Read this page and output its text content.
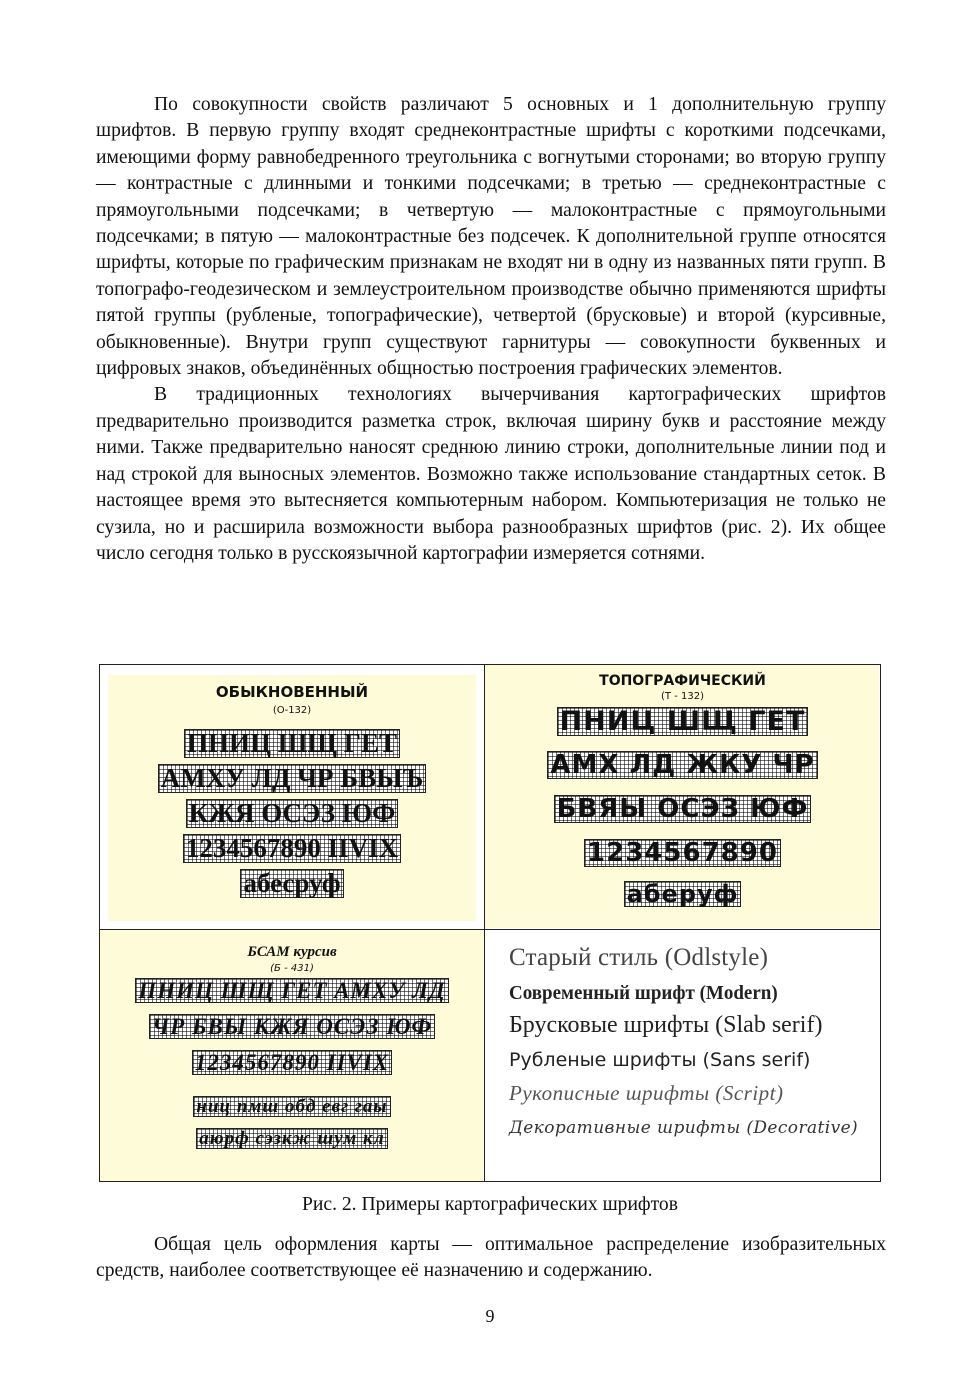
По совокупности свойств различают 5 основных и 1 дополнительную группу шрифтов. В первую группу входят среднеконтрастные шрифты с короткими подсечками, имеющими форму равнобедренного треугольника с вогнутыми сторонами; во вторую группу — контрастные с длинными и тонкими подсечками; в третью — среднеконтрастные с прямоугольными подсечками; в четвертую — малоконтрастные с прямоугольными подсечками; в пятую — малоконтрастные без подсечек. К дополнительной группе относятся шрифты, которые по графическим признакам не входят ни в одну из названных пяти групп. В топографо-геодезическом и землеустроительном производстве обычно применяются шрифты пятой группы (рубленые, топографические), четвертой (брусковые) и второй (курсивные, обыкновенные). Внутри групп существуют гарнитуры — совокупности буквенных и цифровых знаков, объединённых общностью построения графических элементов.

В традиционных технологиях вычерчивания картографических шрифтов предварительно производится разметка строк, включая ширину букв и расстояние между ними. Также предварительно наносят среднюю линию строки, дополнительные линии под и над строкой для выносных элементов. Возможно также использование стандартных сеток. В настоящее время это вытесняется компьютерным набором. Компьютеризация не только не сузила, но и расширила возможности выбора разнообразных шрифтов (рис. 2). Их общее число сегодня только в русскоязычной картографии измеряется сотнями.

ОБЫКНОВЕННЫЙ
(О-132)
ПНИЦ ШЩ ГЕТ
АМХУ ЛД ЧР БВЫЪ
КЖЯ ОСЭЗ ЮФ
1234567890 IIVIX
абесруф
ТОПОГРАФИЧЕСКИЙ
(Т - 132)
ПНИЦ ШЩ ГЕТ
АМХ ЛД ЖКУ ЧР
БВЯЫ ОСЭЗ ЮФ
1234567890
аберуф
БСАМ курсив
(Б - 431)
ПНИЦ ШЩ ГЕТ АМХУ ЛД
ЧР БВЫ КЖЯ ОСЭЗ ЮФ
1234567890 IIVIX
ниц пмш обд евг гаы
аюрф сэзкж шум кл
Старый стиль (Odlstyle)
Современный шрифт (Modern)
Брусковые шрифты (Slab serif)
Рубленые шрифты (Sans serif)
Рукописные шрифты (Script)
Декоративные шрифты (Decorative)
Рис. 2. Примеры картографических шрифтов

Общая цель оформления карты — оптимальное распределение изобразительных средств, наиболее соответствующее её назначению и содержанию.

9
